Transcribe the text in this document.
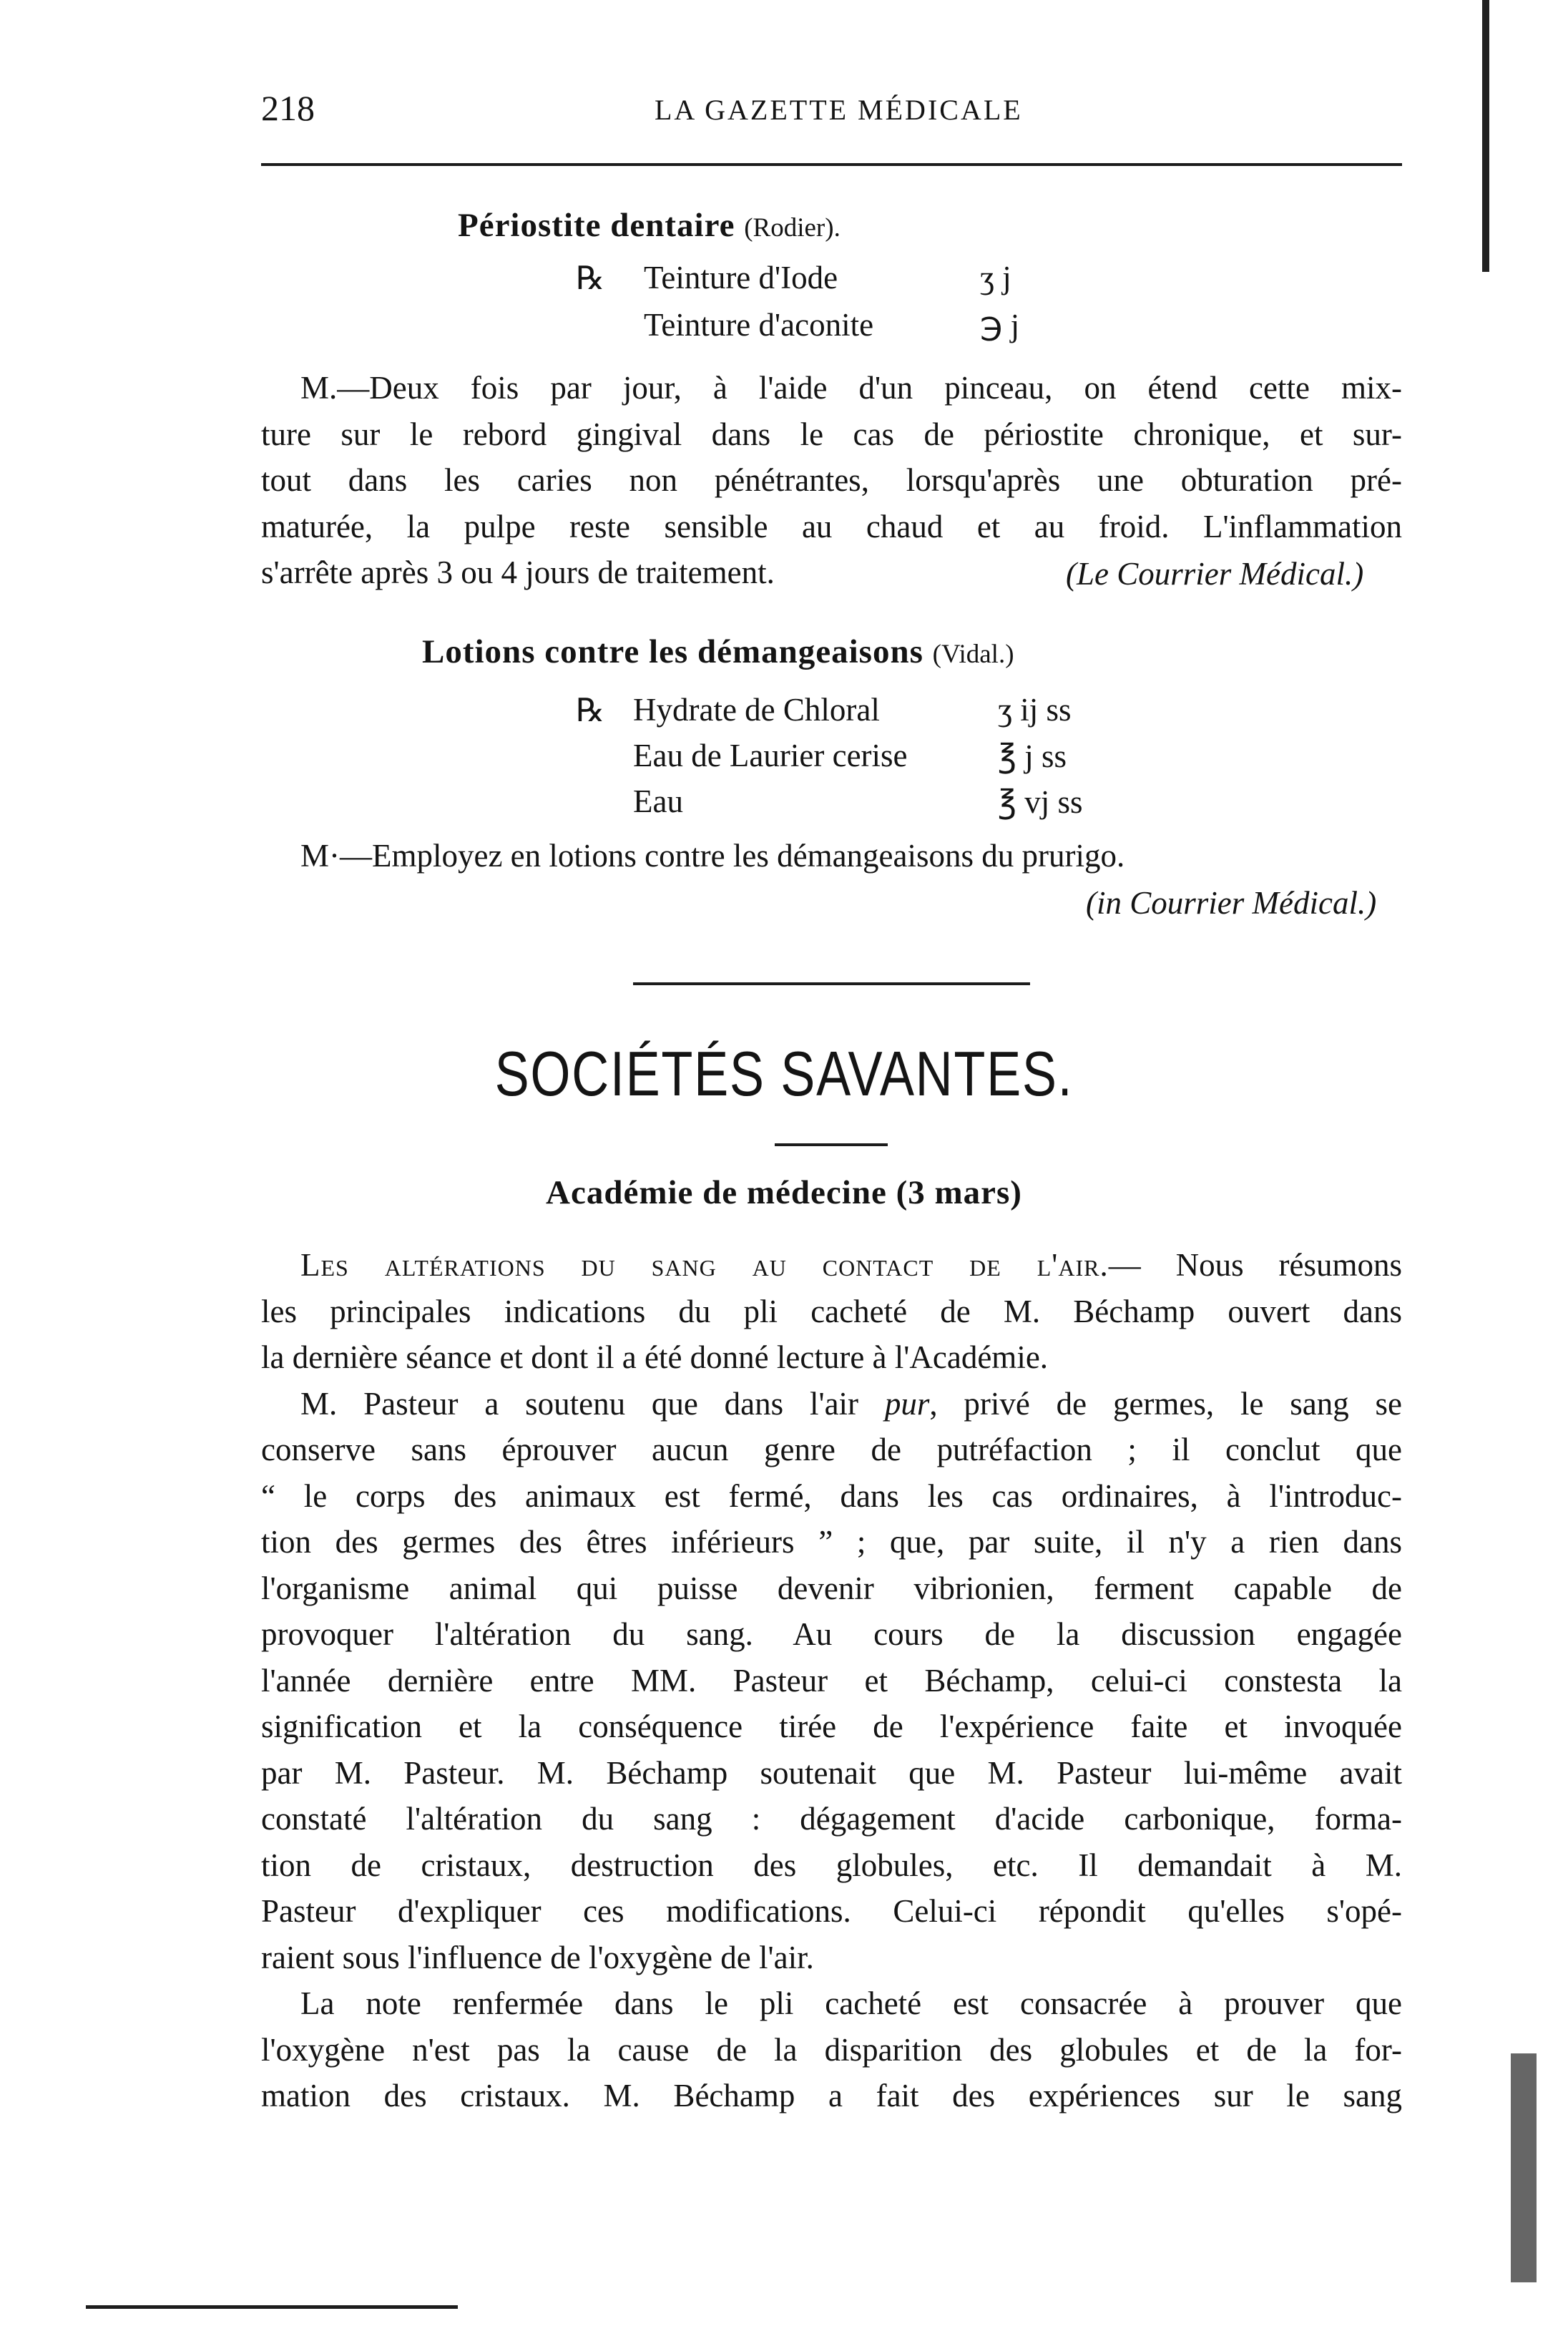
218	LA GAZETTE MÉDICALE
Périostite dentaire (Rodier).
℞ Teinture d'Iode	ʒ j
Teinture d'aconite	℈ j

M.—Deux fois par jour, à l'aide d'un pinceau, on étend cette mix-

ture sur le rebord gingival dans le cas de périostite chronique, et sur-

tout dans les caries non pénétrantes, lorsqu'après une obturation pré-

maturée, la pulpe reste sensible au chaud et au froid. L'inflammation

s'arrête après 3 ou 4 jours de traitement.	(Le Courrier Médical.)
Lotions contre les démangeaisons (Vidal.)
℞ Hydrate de Chloral	ʒ ij ss
Eau de Laurier cerise	℥ j ss
Eau	℥ vj ss
M·—Employez en lotions contre les démangeaisons du prurigo.
(in Courrier Médical.)
SOCIÉTÉS SAVANTES.
Académie de médecine (3 mars)

Les altérations du sang au contact de l'air.— Nous résumons

les principales indications du pli cacheté de M. Béchamp ouvert dans

la dernière séance et dont il a été donné lecture à l'Académie.

M. Pasteur a soutenu que dans l'air pur, privé de germes, le sang se

conserve sans éprouver aucun genre de putréfaction ; il conclut que

“ le corps des animaux est fermé, dans les cas ordinaires, à l'introduc-

tion des germes des êtres inférieurs ” ; que, par suite, il n'y a rien dans

l'organisme animal qui puisse devenir vibrionien, ferment capable de

provoquer l'altération du sang. Au cours de la discussion engagée

l'année dernière entre MM. Pasteur et Béchamp, celui-ci constesta la

signification et la conséquence tirée de l'expérience faite et invoquée

par M. Pasteur. M. Béchamp soutenait que M. Pasteur lui-même avait

constaté l'altération du sang : dégagement d'acide carbonique, forma-

tion de cristaux, destruction des globules, etc. Il demandait à M.

Pasteur d'expliquer ces modifications. Celui-ci répondit qu'elles s'opé-

raient sous l'influence de l'oxygène de l'air.

La note renfermée dans le pli cacheté est consacrée à prouver que

l'oxygène n'est pas la cause de la disparition des globules et de la for-

mation des cristaux. M. Béchamp a fait des expériences sur le sang
